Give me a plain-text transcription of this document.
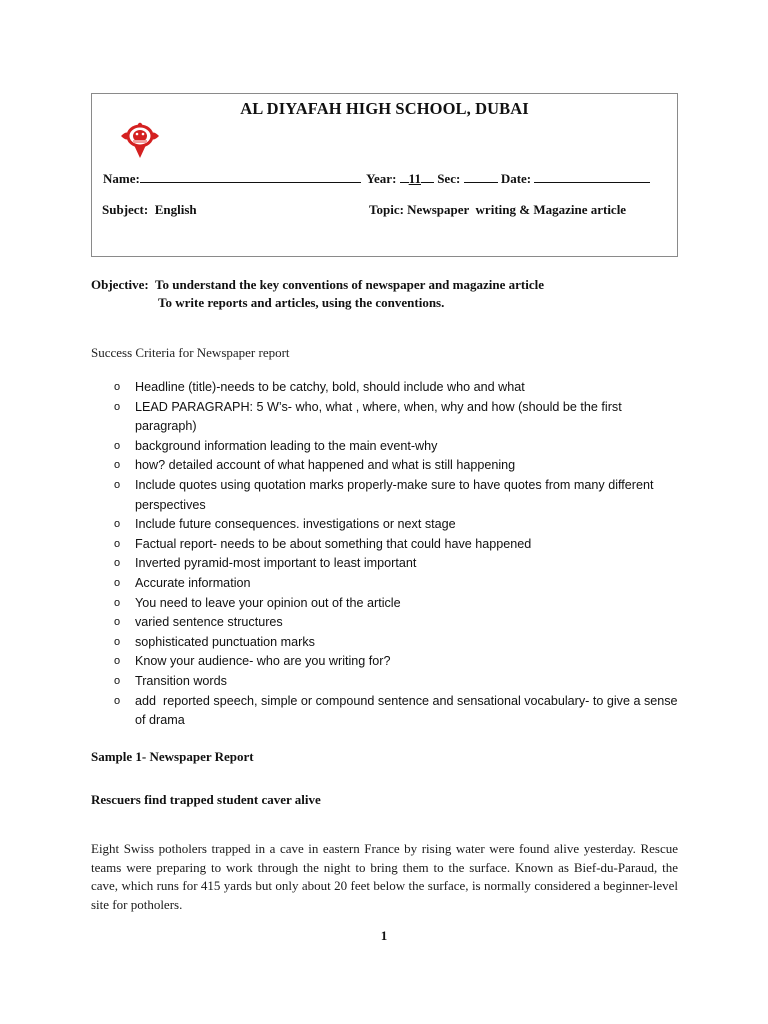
AL DIYAFAH HIGH SCHOOL, DUBAI
Name:	Year: 11 Sec:	Date:
Subject: English	Topic: Newspaper  writing & Magazine article
Objective: To understand the key conventions of newspaper and magazine article
To write reports and articles, using the conventions.
Success Criteria for Newspaper report
o Headline (title)-needs to be catchy, bold, should include who and what
o LEAD PARAGRAPH: 5 W’s- who, what , where, when, why and how (should be the first paragraph)
o background information leading to the main event-why
o how? detailed account of what happened and what is still happening
o Include quotes using quotation marks properly-make sure to have quotes from many different perspectives
o Include future consequences. investigations or next stage
o Factual report- needs to be about something that could have happened
o Inverted pyramid-most important to least important
o Accurate information
o You need to leave your opinion out of the article
o varied sentence structures
o sophisticated punctuation marks
o Know your audience- who are you writing for?
o Transition words
o add  reported speech, simple or compound sentence and sensational vocabulary- to give a sense of drama
Sample 1- Newspaper Report
Rescuers find trapped student caver alive
Eight Swiss potholers trapped in a cave in eastern France by rising water were found alive yesterday. Rescue teams were preparing to work through the night to bring them to the surface. Known as Bief-du-Paraud, the cave, which runs for 415 yards but only about 20 feet below the surface, is normally considered a beginner-level site for potholers.
1
